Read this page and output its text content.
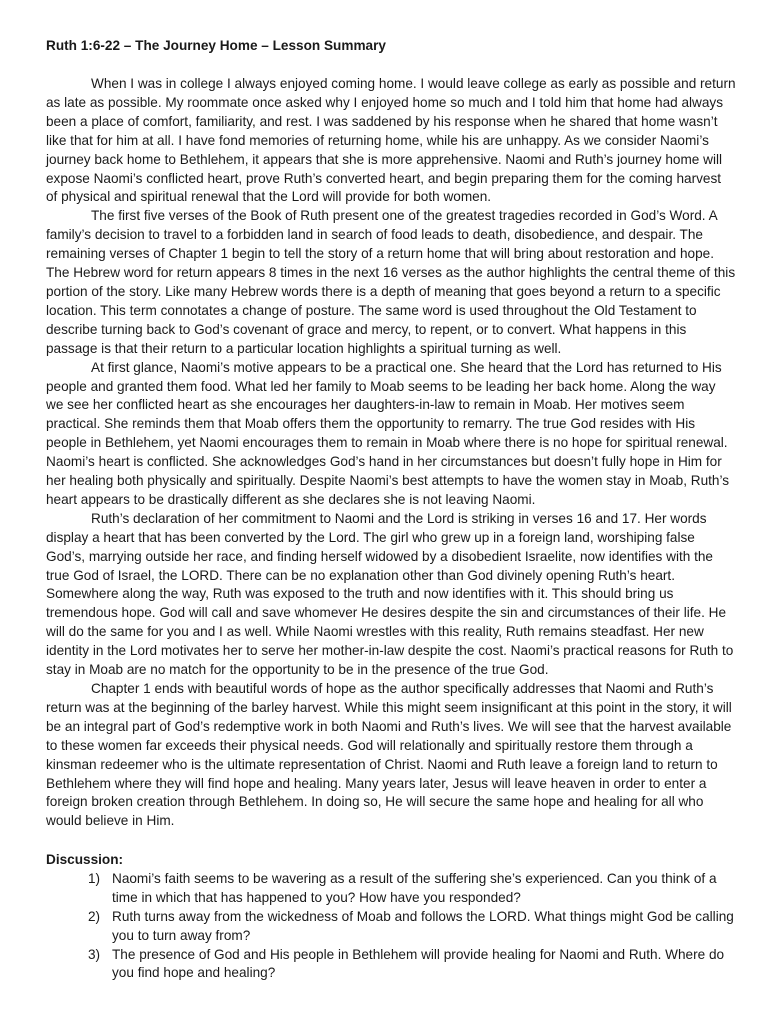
Ruth 1:6-22 – The Journey Home – Lesson Summary

When I was in college I always enjoyed coming home. I would leave college as early as possible and return as late as possible. My roommate once asked why I enjoyed home so much and I told him that home had always been a place of comfort, familiarity, and rest. I was saddened by his response when he shared that home wasn’t like that for him at all. I have fond memories of returning home, while his are unhappy. As we consider Naomi’s journey back home to Bethlehem, it appears that she is more apprehensive. Naomi and Ruth’s journey home will expose Naomi’s conflicted heart, prove Ruth’s converted heart, and begin preparing them for the coming harvest of physical and spiritual renewal that the Lord will provide for both women.

The first five verses of the Book of Ruth present one of the greatest tragedies recorded in God’s Word. A family’s decision to travel to a forbidden land in search of food leads to death, disobedience, and despair. The remaining verses of Chapter 1 begin to tell the story of a return home that will bring about restoration and hope. The Hebrew word for return appears 8 times in the next 16 verses as the author highlights the central theme of this portion of the story. Like many Hebrew words there is a depth of meaning that goes beyond a return to a specific location. This term connotates a change of posture. The same word is used throughout the Old Testament to describe turning back to God’s covenant of grace and mercy, to repent, or to convert. What happens in this passage is that their return to a particular location highlights a spiritual turning as well.

At first glance, Naomi’s motive appears to be a practical one. She heard that the Lord has returned to His people and granted them food. What led her family to Moab seems to be leading her back home. Along the way we see her conflicted heart as she encourages her daughters-in-law to remain in Moab. Her motives seem practical. She reminds them that Moab offers them the opportunity to remarry. The true God resides with His people in Bethlehem, yet Naomi encourages them to remain in Moab where there is no hope for spiritual renewal. Naomi’s heart is conflicted. She acknowledges God’s hand in her circumstances but doesn’t fully hope in Him for her healing both physically and spiritually. Despite Naomi’s best attempts to have the women stay in Moab, Ruth’s heart appears to be drastically different as she declares she is not leaving Naomi.

Ruth’s declaration of her commitment to Naomi and the Lord is striking in verses 16 and 17. Her words display a heart that has been converted by the Lord. The girl who grew up in a foreign land, worshiping false God’s, marrying outside her race, and finding herself widowed by a disobedient Israelite, now identifies with the true God of Israel, the LORD. There can be no explanation other than God divinely opening Ruth’s heart. Somewhere along the way, Ruth was exposed to the truth and now identifies with it. This should bring us tremendous hope. God will call and save whomever He desires despite the sin and circumstances of their life. He will do the same for you and I as well. While Naomi wrestles with this reality, Ruth remains steadfast. Her new identity in the Lord motivates her to serve her mother-in-law despite the cost. Naomi’s practical reasons for Ruth to stay in Moab are no match for the opportunity to be in the presence of the true God.

Chapter 1 ends with beautiful words of hope as the author specifically addresses that Naomi and Ruth’s return was at the beginning of the barley harvest. While this might seem insignificant at this point in the story, it will be an integral part of God’s redemptive work in both Naomi and Ruth’s lives. We will see that the harvest available to these women far exceeds their physical needs. God will relationally and spiritually restore them through a kinsman redeemer who is the ultimate representation of Christ. Naomi and Ruth leave a foreign land to return to Bethlehem where they will find hope and healing. Many years later, Jesus will leave heaven in order to enter a foreign broken creation through Bethlehem. In doing so, He will secure the same hope and healing for all who would believe in Him.

Discussion:

1) Naomi’s faith seems to be wavering as a result of the suffering she’s experienced. Can you think of a time in which that has happened to you? How have you responded?
2) Ruth turns away from the wickedness of Moab and follows the LORD. What things might God be calling you to turn away from?
3) The presence of God and His people in Bethlehem will provide healing for Naomi and Ruth. Where do you find hope and healing?
